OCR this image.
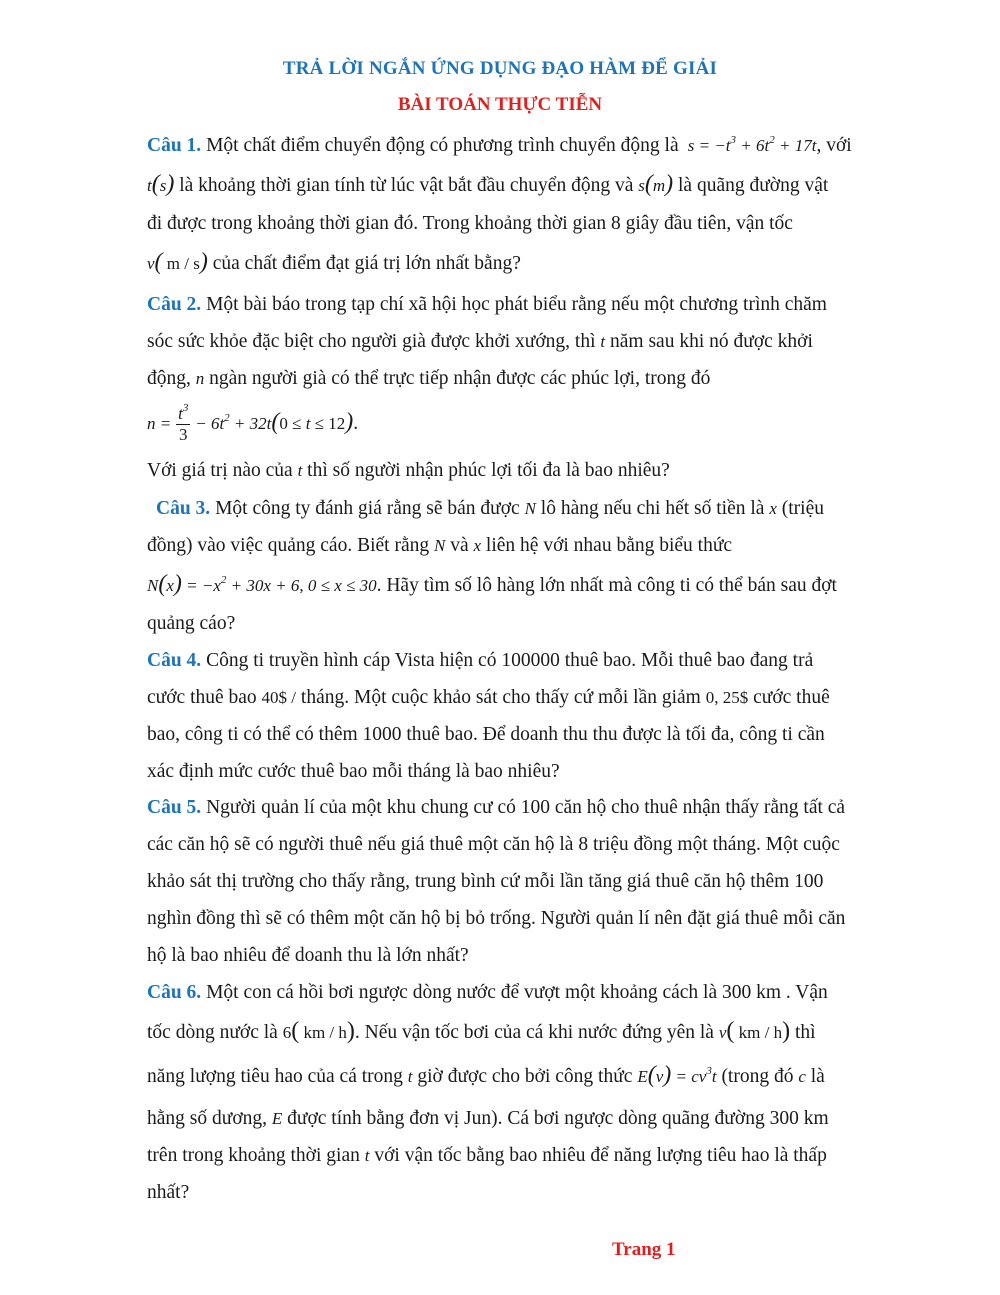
TRẢ LỜI NGẮN ỨNG DỤNG ĐẠO HÀM ĐỂ GIẢI
BÀI TOÁN THỰC TIỄN
Câu 1. Một chất điểm chuyển động có phương trình chuyển động là  $s = -t^3 + 6t^2 + 17t$, với
t(s) là khoảng thời gian tính từ lúc vật bắt đầu chuyển động và s(m) là quãng đường vật
đi được trong khoảng thời gian đó. Trong khoảng thời gian 8 giây đầu tiên, vận tốc
v( m / s) của chất điểm đạt giá trị lớn nhất bằng?
Câu 2. Một bài báo trong tạp chí xã hội học phát biểu rằng nếu một chương trình chăm
sóc sức khỏe đặc biệt cho người già được khởi xướng, thì t năm sau khi nó được khởi
động, n ngàn người già có thể trực tiếp nhận được các phúc lợi, trong đó
$n = \frac{t^3}{3} - 6t^2 + 32t(0 \le t \le 12)$.
Với giá trị nào của t thì số người nhận phúc lợi tối đa là bao nhiêu?
Câu 3. Một công ty đánh giá rằng sẽ bán được N lô hàng nếu chi hết số tiền là x (triệu
đồng) vào việc quảng cáo. Biết rằng N và x liên hệ với nhau bằng biểu thức
$N(x) = -x^2 + 30x + 6$, 0 ≤ x ≤ 30. Hãy tìm số lô hàng lớn nhất mà công ti có thể bán sau đợt
quảng cáo?
Câu 4. Công ti truyền hình cáp Vista hiện có 100000 thuê bao. Mỗi thuê bao đang trả
cước thuê bao 40$ / tháng. Một cuộc khảo sát cho thấy cứ mỗi lần giảm 0, 25$ cước thuê
bao, công ti có thể có thêm 1000 thuê bao. Để doanh thu thu được là tối đa, công ti cần
xác định mức cước thuê bao mỗi tháng là bao nhiêu?
Câu 5. Người quản lí của một khu chung cư có 100 căn hộ cho thuê nhận thấy rằng tất cả
các căn hộ sẽ có người thuê nếu giá thuê một căn hộ là 8 triệu đồng một tháng. Một cuộc
khảo sát thị trường cho thấy rằng, trung bình cứ mỗi lần tăng giá thuê căn hộ thêm 100
nghìn đồng thì sẽ có thêm một căn hộ bị bỏ trống. Người quản lí nên đặt giá thuê mỗi căn
hộ là bao nhiêu để doanh thu là lớn nhất?
Câu 6. Một con cá hồi bơi ngược dòng nước để vượt một khoảng cách là 300 km . Vận
tốc dòng nước là 6( km / h). Nếu vận tốc bơi của cá khi nước đứng yên là v( km / h) thì
năng lượng tiêu hao của cá trong t giờ được cho bởi công thức $E(v) = cv^3t$ (trong đó c là
hằng số dương, E được tính bằng đơn vị Jun). Cá bơi ngược dòng quãng đường 300 km
trên trong khoảng thời gian t với vận tốc bằng bao nhiêu để năng lượng tiêu hao là thấp
nhất?
Trang 1
